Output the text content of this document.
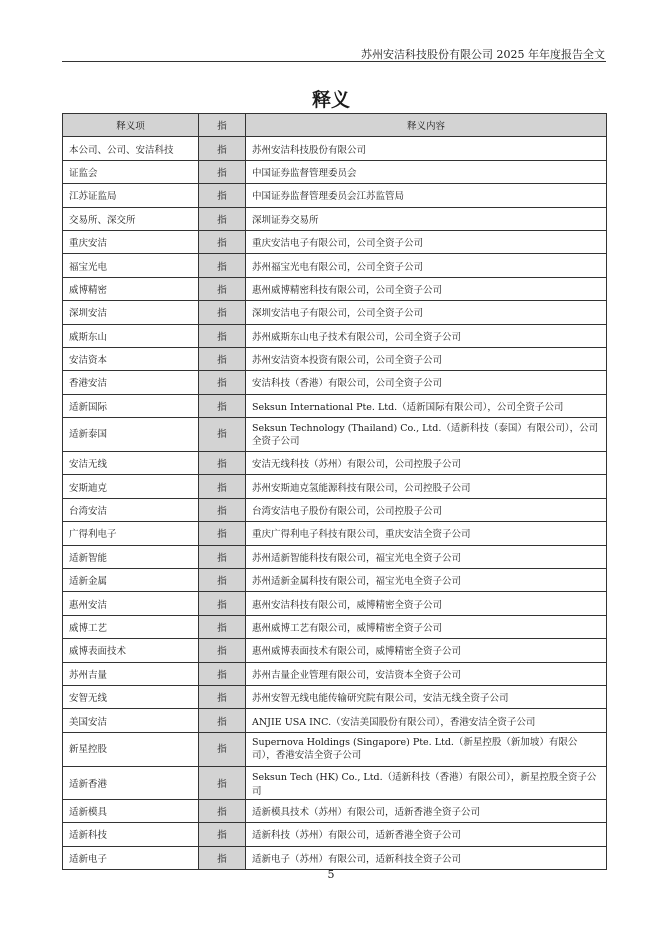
苏州安洁科技股份有限公司 2025 年年度报告全文
释义
释义项	指	释义内容
本公司、公司、安洁科技	指	苏州安洁科技股份有限公司
证监会	指	中国证券监督管理委员会
江苏证监局	指	中国证券监督管理委员会江苏监管局
交易所、深交所	指	深圳证券交易所
重庆安洁	指	重庆安洁电子有限公司，公司全资子公司
福宝光电	指	苏州福宝光电有限公司，公司全资子公司
威博精密	指	惠州威博精密科技有限公司，公司全资子公司
深圳安洁	指	深圳安洁电子有限公司，公司全资子公司
威斯东山	指	苏州威斯东山电子技术有限公司，公司全资子公司
安洁资本	指	苏州安洁资本投资有限公司，公司全资子公司
香港安洁	指	安洁科技（香港）有限公司，公司全资子公司
适新国际	指	Seksun International Pte. Ltd.（适新国际有限公司），公司全资子公司
适新泰国	指	Seksun Technology (Thailand) Co., Ltd.（适新科技（泰国）有限公司），公司全资子公司
安洁无线	指	安洁无线科技（苏州）有限公司，公司控股子公司
安斯迪克	指	苏州安斯迪克氢能源科技有限公司，公司控股子公司
台湾安洁	指	台湾安洁电子股份有限公司，公司控股子公司
广得利电子	指	重庆广得利电子科技有限公司，重庆安洁全资子公司
适新智能	指	苏州适新智能科技有限公司，福宝光电全资子公司
适新金属	指	苏州适新金属科技有限公司，福宝光电全资子公司
惠州安洁	指	惠州安洁科技有限公司，威博精密全资子公司
威博工艺	指	惠州威博工艺有限公司，威博精密全资子公司
威博表面技术	指	惠州威博表面技术有限公司，威博精密全资子公司
苏州吉量	指	苏州吉量企业管理有限公司，安洁资本全资子公司
安智无线	指	苏州安智无线电能传输研究院有限公司，安洁无线全资子公司
美国安洁	指	ANJIE USA INC.（安洁美国股份有限公司），香港安洁全资子公司
新星控股	指	Supernova Holdings (Singapore) Pte. Ltd.（新星控股（新加坡）有限公司），香港安洁全资子公司
适新香港	指	Seksun Tech (HK) Co., Ltd.（适新科技（香港）有限公司），新星控股全资子公司
适新模具	指	适新模具技术（苏州）有限公司，适新香港全资子公司
适新科技	指	适新科技（苏州）有限公司，适新香港全资子公司
适新电子	指	适新电子（苏州）有限公司，适新科技全资子公司
5
